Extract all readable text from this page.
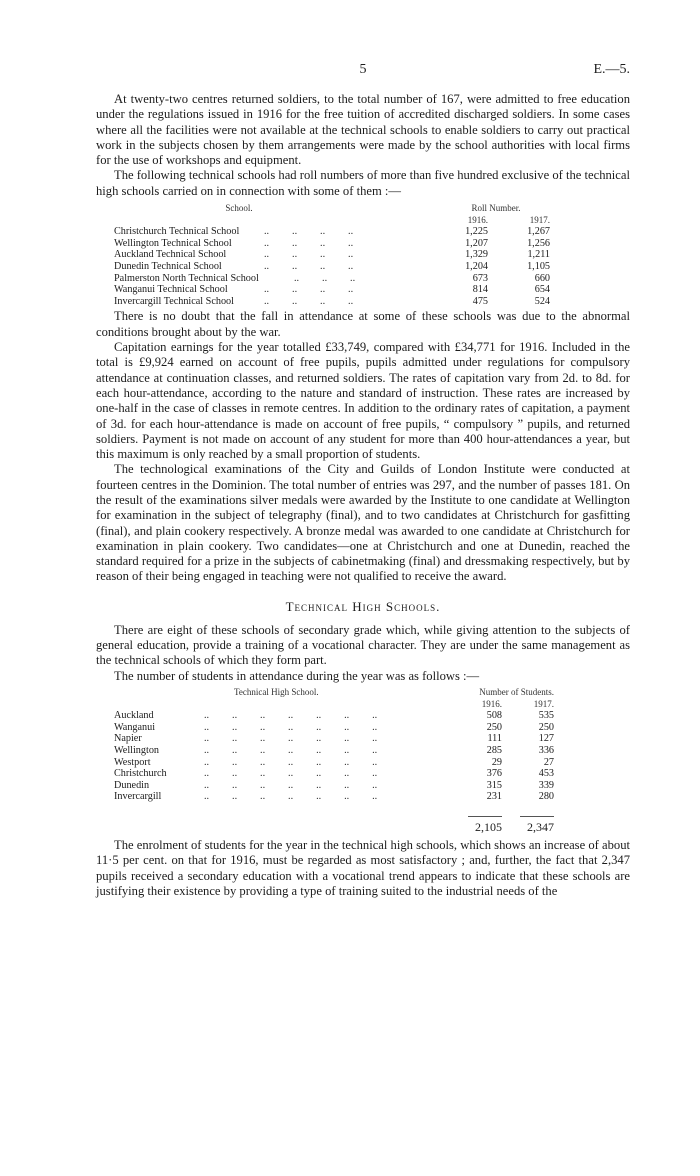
5	E.—5.

At twenty-two centres returned soldiers, to the total number of 167, were admitted to free education under the regulations issued in 1916 for the free tuition of accredited discharged soldiers. In some cases where all the facilities were not available at the technical schools to enable soldiers to carry out practical work in the subjects chosen by them arrangements were made by the school authorities with local firms for the use of workshops and equipment.

The following technical schools had roll numbers of more than five hundred exclusive of the technical high schools carried on in connection with some of them :—

School.		Roll Number.	
		1916.	1917.
Christchurch Technical School	..         ..         ..         ..	1,225	1,267
Wellington Technical School	..         ..         ..         ..	1,207	1,256
Auckland Technical School	..         ..         ..         ..	1,329	1,211
Dunedin Technical School	..         ..         ..         ..	1,204	1,105
Palmerston North Technical School	..         ..         ..	673	660
Wanganui Technical School	..         ..         ..         ..	814	654
Invercargill Technical School	..         ..         ..         ..	475	524

There is no doubt that the fall in attendance at some of these schools was due to the abnormal conditions brought about by the war.

Capitation earnings for the year totalled £33,749, compared with £34,771 for 1916. Included in the total is £9,924 earned on account of free pupils, pupils admitted under regulations for compulsory attendance at continuation classes, and returned soldiers. The rates of capitation vary from 2d. to 8d. for each hour-attendance, according to the nature and standard of instruction. These rates are increased by one-half in the case of classes in remote centres. In addition to the ordinary rates of capitation, a payment of 3d. for each hour-attendance is made on account of free pupils, “ compulsory ” pupils, and returned soldiers. Payment is not made on account of any student for more than 400 hour-attendances a year, but this maximum is only reached by a small proportion of students.

The technological examinations of the City and Guilds of London Institute were conducted at fourteen centres in the Dominion. The total number of entries was 297, and the number of passes 181. On the result of the examinations silver medals were awarded by the Institute to one candidate at Wellington for examination in the subject of telegraphy (final), and to two candidates at Christchurch for gasfitting (final), and plain cookery respectively. A bronze medal was awarded to one candidate at Christchurch for examination in plain cookery. Two candidates—one at Christchurch and one at Dunedin, reached the standard required for a prize in the subjects of cabinetmaking (final) and dressmaking respectively, but by reason of their being engaged in teaching were not qualified to receive the award.

Technical High Schools.

There are eight of these schools of secondary grade which, while giving attention to the subjects of general education, provide a training of a vocational character. They are under the same management as the technical schools of which they form part.

The number of students in attendance during the year was as follows :—

	Technical High School.	Number of Students.	
		1916.	1917.
Auckland	..         ..         ..         ..         ..         ..         ..	508	535
Wanganui	..         ..         ..         ..         ..         ..         ..	250	250
Napier	..         ..         ..         ..         ..         ..         ..	111	127
Wellington	..         ..         ..         ..         ..         ..         ..	285	336
Westport	..         ..         ..         ..         ..         ..         ..	29	27
Christchurch	..         ..         ..         ..         ..         ..         ..	376	453
Dunedin	..         ..         ..         ..         ..         ..         ..	315	339
Invercargill	..         ..         ..         ..         ..         ..         ..	231	280

		2,105	2,347

The enrolment of students for the year in the technical high schools, which shows an increase of about 11·5 per cent. on that for 1916, must be regarded as most satisfactory ; and, further, the fact that 2,347 pupils received a secondary education with a vocational trend appears to indicate that these schools are justifying their existence by providing a type of training suited to the industrial needs of the
